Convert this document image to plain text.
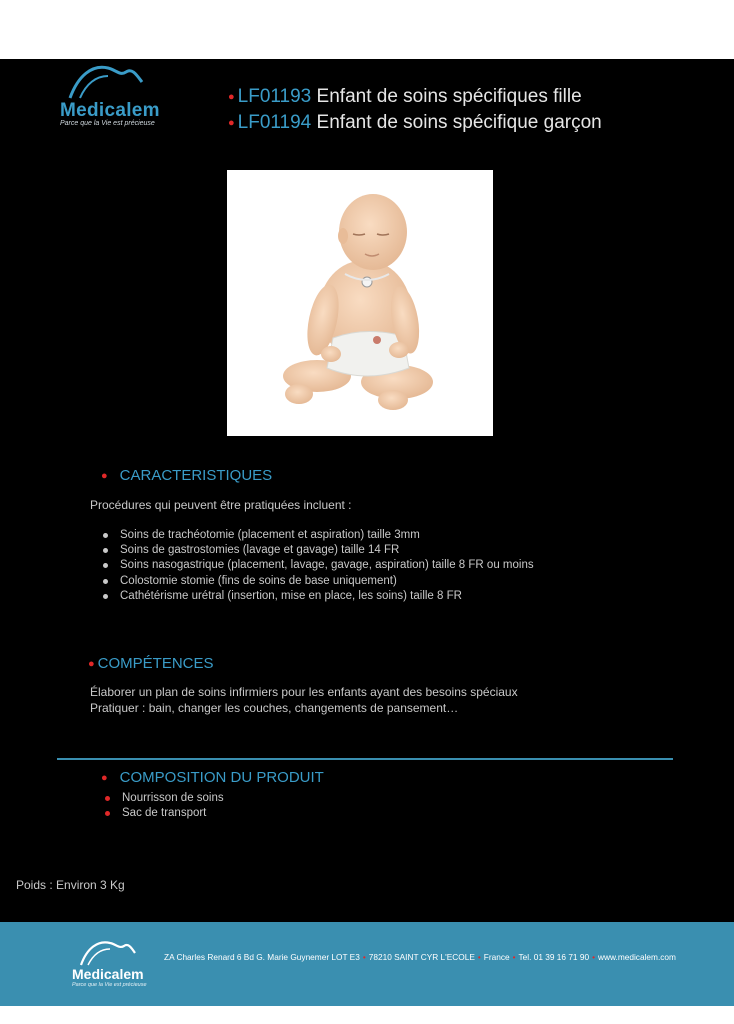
Medicalem
Parce que la Vie est précieuse
● LF01193 Enfant de soins spécifiques fille
● LF01194 Enfant de soins spécifique garçon
● CARACTERISTIQUES
Procédures qui peuvent être pratiquées incluent :
Soins de trachéotomie (placement et aspiration) taille 3mm
Soins de gastrostomies (lavage et gavage) taille 14 FR
Soins nasogastrique (placement, lavage, gavage, aspiration) taille 8 FR ou moins
Colostomie stomie (fins de soins de base uniquement)
Cathétérisme urétral (insertion, mise en place, les soins) taille 8 FR
● COMPÉTENCES
Élaborer un plan de soins infirmiers pour les enfants ayant des besoins spéciaux
Pratiquer : bain, changer les couches, changements de pansement…
● COMPOSITION DU PRODUIT
Nourrisson de soins
Sac de transport
Poids : Environ 3 Kg
Medicalem
Parce que la Vie est précieuse
ZA Charles Renard 6 Bd G. Marie Guynemer LOT E3 • 78210 SAINT CYR L'ECOLE • France • Tel. 01 39 16 71 90 • www.medicalem.com
